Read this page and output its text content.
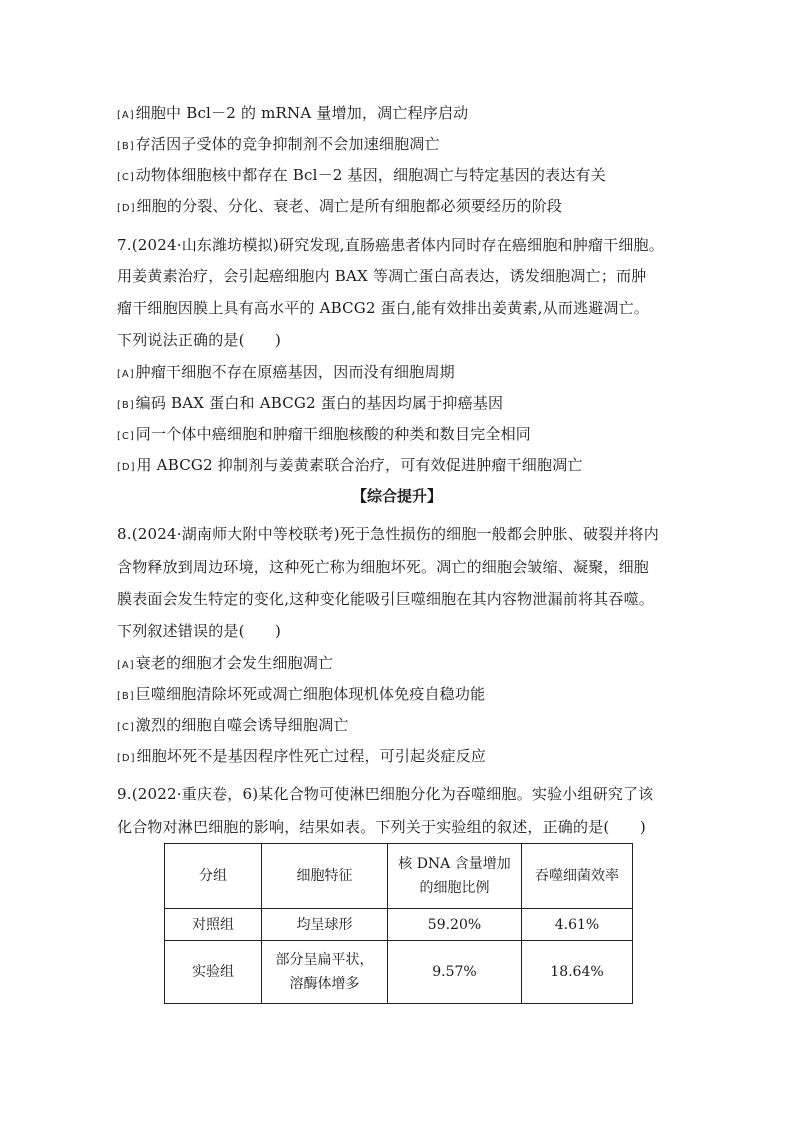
[A]细胞中 Bcl－2 的 mRNA 量增加，凋亡程序启动
[B]存活因子受体的竞争抑制剂不会加速细胞凋亡
[C]动物体细胞核中都存在 Bcl－2 基因，细胞凋亡与特定基因的表达有关
[D]细胞的分裂、分化、衰老、凋亡是所有细胞都必须要经历的阶段
7.(2024·山东潍坊模拟)研究发现,直肠癌患者体内同时存在癌细胞和肿瘤干细胞。
用姜黄素治疗，会引起癌细胞内 BAX 等凋亡蛋白高表达，诱发细胞凋亡；而肿
瘤干细胞因膜上具有高水平的 ABCG2 蛋白,能有效排出姜黄素,从而逃避凋亡。
下列说法正确的是(　　)
[A]肿瘤干细胞不存在原癌基因，因而没有细胞周期
[B]编码 BAX 蛋白和 ABCG2 蛋白的基因均属于抑癌基因
[C]同一个体中癌细胞和肿瘤干细胞核酸的种类和数目完全相同
[D]用 ABCG2 抑制剂与姜黄素联合治疗，可有效促进肿瘤干细胞凋亡
【综合提升】
8.(2024·湖南师大附中等校联考)死于急性损伤的细胞一般都会肿胀、破裂并将内
含物释放到周边环境，这种死亡称为细胞坏死。凋亡的细胞会皱缩、凝聚，细胞
膜表面会发生特定的变化,这种变化能吸引巨噬细胞在其内容物泄漏前将其吞噬。
下列叙述错误的是(　　)
[A]衰老的细胞才会发生细胞凋亡
[B]巨噬细胞清除坏死或凋亡细胞体现机体免疫自稳功能
[C]激烈的细胞自噬会诱导细胞凋亡
[D]细胞坏死不是基因程序性死亡过程，可引起炎症反应
9.(2022·重庆卷，6)某化合物可使淋巴细胞分化为吞噬细胞。实验小组研究了该
化合物对淋巴细胞的影响，结果如表。下列关于实验组的叙述，正确的是(　　)
分组	细胞特征	核 DNA 含量增加
的细胞比例	吞噬细菌效率
对照组	均呈球形	59.20%	4.61%
实验组	部分呈扁平状，
溶酶体增多	9.57%	18.64%
